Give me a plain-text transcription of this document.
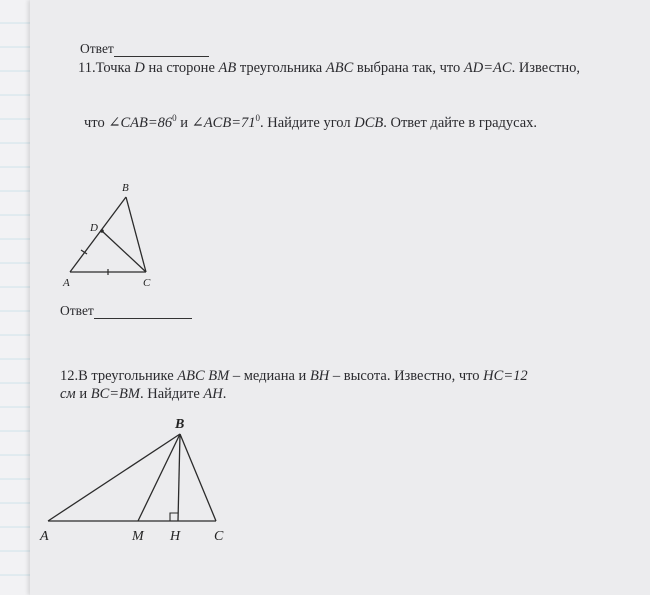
Ответ
11.Точка D на стороне AB треугольника ABC выбрана так, что AD=AC. Известно,
что $\angle CAB=86^0$ и $\angle ACB=71^0$. Найдите угол DCB. Ответ дайте в градусах.
B
D
A	C
Ответ
12.В треугольнике ABC BM – медиана и BH – высота. Известно, что HC=12
см и BC=BM. Найдите AH.
B
A	M H C
